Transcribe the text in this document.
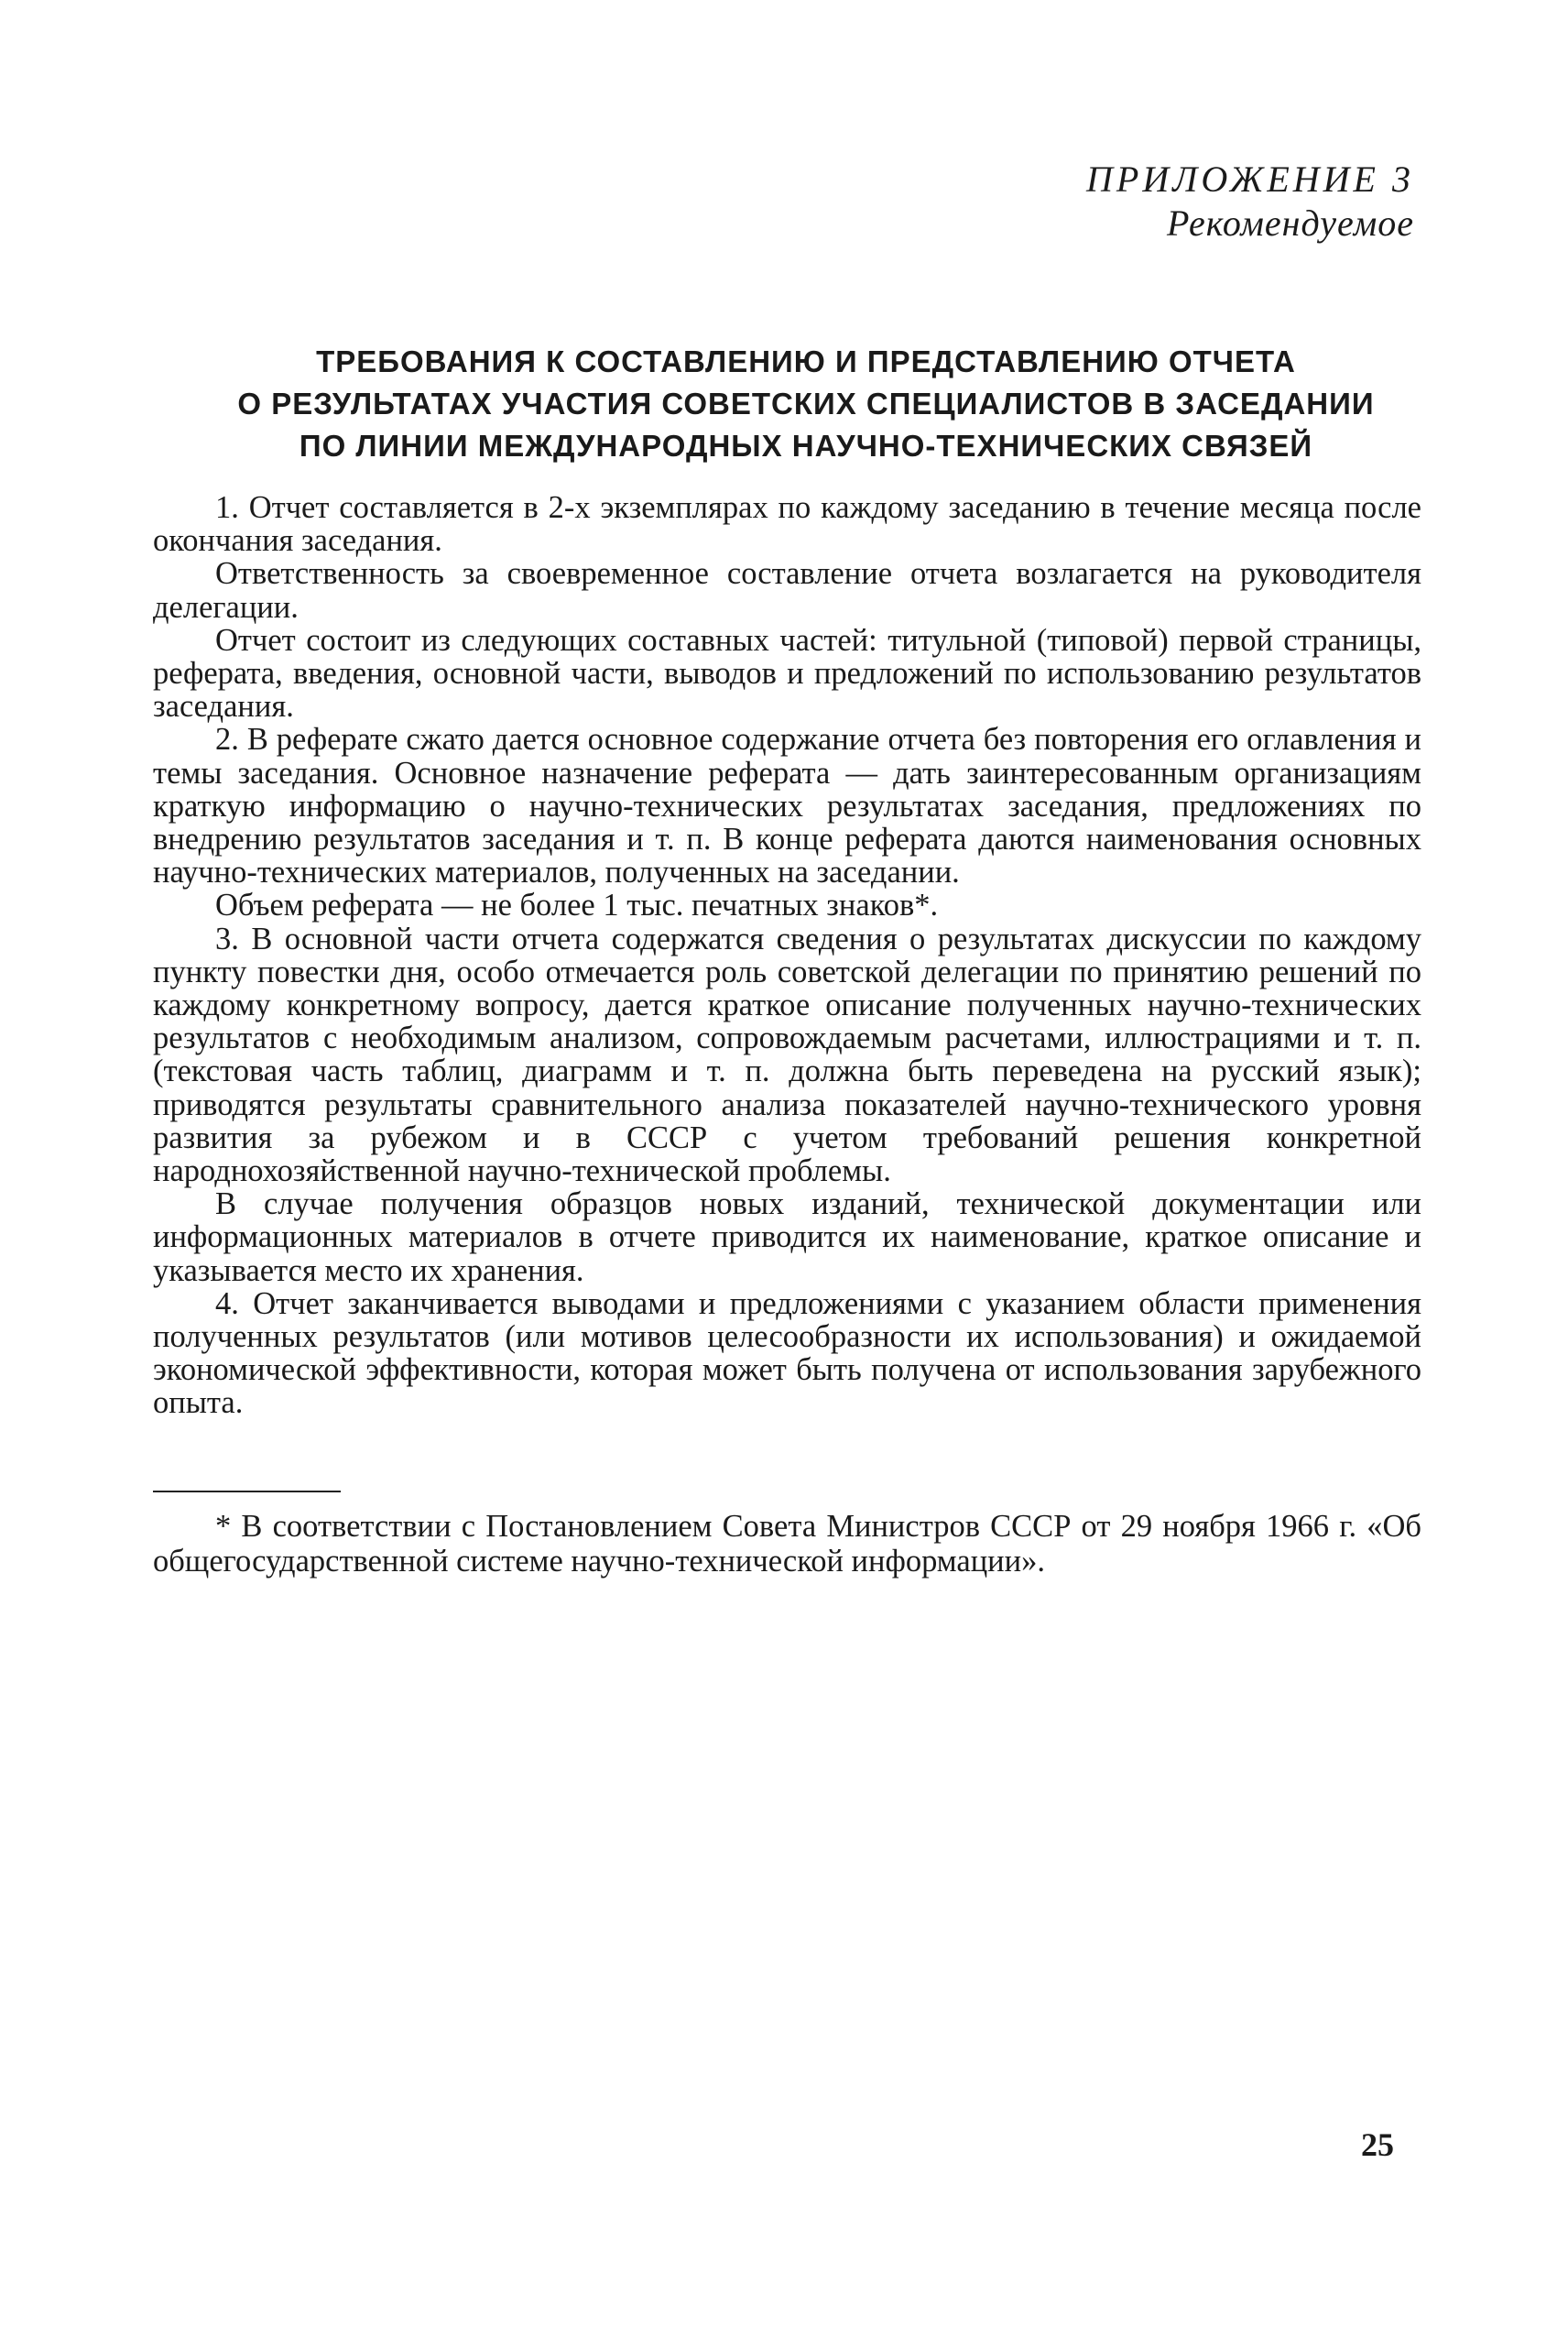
ПРИЛОЖЕНИЕ 3
Рекомендуемое
ТРЕБОВАНИЯ К СОСТАВЛЕНИЮ И ПРЕДСТАВЛЕНИЮ ОТЧЕТА
О РЕЗУЛЬТАТАХ УЧАСТИЯ СОВЕТСКИХ СПЕЦИАЛИСТОВ В ЗАСЕДАНИИ
ПО ЛИНИИ МЕЖДУНАРОДНЫХ НАУЧНО-ТЕХНИЧЕСКИХ СВЯЗЕЙ

1. Отчет составляется в 2-х экземплярах по каждому заседанию в течение месяца после окончания заседания.

Ответственность за своевременное составление отчета возлагается на руководителя делегации.

Отчет состоит из следующих составных частей: титульной (типовой) первой страницы, реферата, введения, основной части, выводов и предложений по использованию результатов заседания.

2. В реферате сжато дается основное содержание отчета без повторения его оглавления и темы заседания. Основное назначение реферата — дать заинтересованным организациям краткую информацию о научно-технических результатах заседания, предложениях по внедрению результатов заседания и т. п. В конце реферата даются наименования основных научно-технических материалов, полученных на заседании.

Объем реферата — не более 1 тыс. печатных знаков*.

3. В основной части отчета содержатся сведения о результатах дискуссии по каждому пункту повестки дня, особо отмечается роль советской делегации по принятию решений по каждому конкретному вопросу, дается краткое описание полученных научно-технических результатов с необходимым анализом, сопровождаемым расчетами, иллюстрациями и т. п. (текстовая часть таблиц, диаграмм и т. п. должна быть переведена на русский язык); приводятся результаты сравнительного анализа показателей научно-технического уровня развития за рубежом и в СССР с учетом требований решения конкретной народнохозяйственной научно-технической проблемы.

В случае получения образцов новых изданий, технической документации или информационных материалов в отчете приводится их наименование, краткое описание и указывается место их хранения.

4. Отчет заканчивается выводами и предложениями с указанием области применения полученных результатов (или мотивов целесообразности их использования) и ожидаемой экономической эффективности, которая может быть получена от использования зарубежного опыта.

* В соответствии с Постановлением Совета Министров СССР от 29 ноября 1966 г. «Об общегосударственной системе научно-технической информации».

25
